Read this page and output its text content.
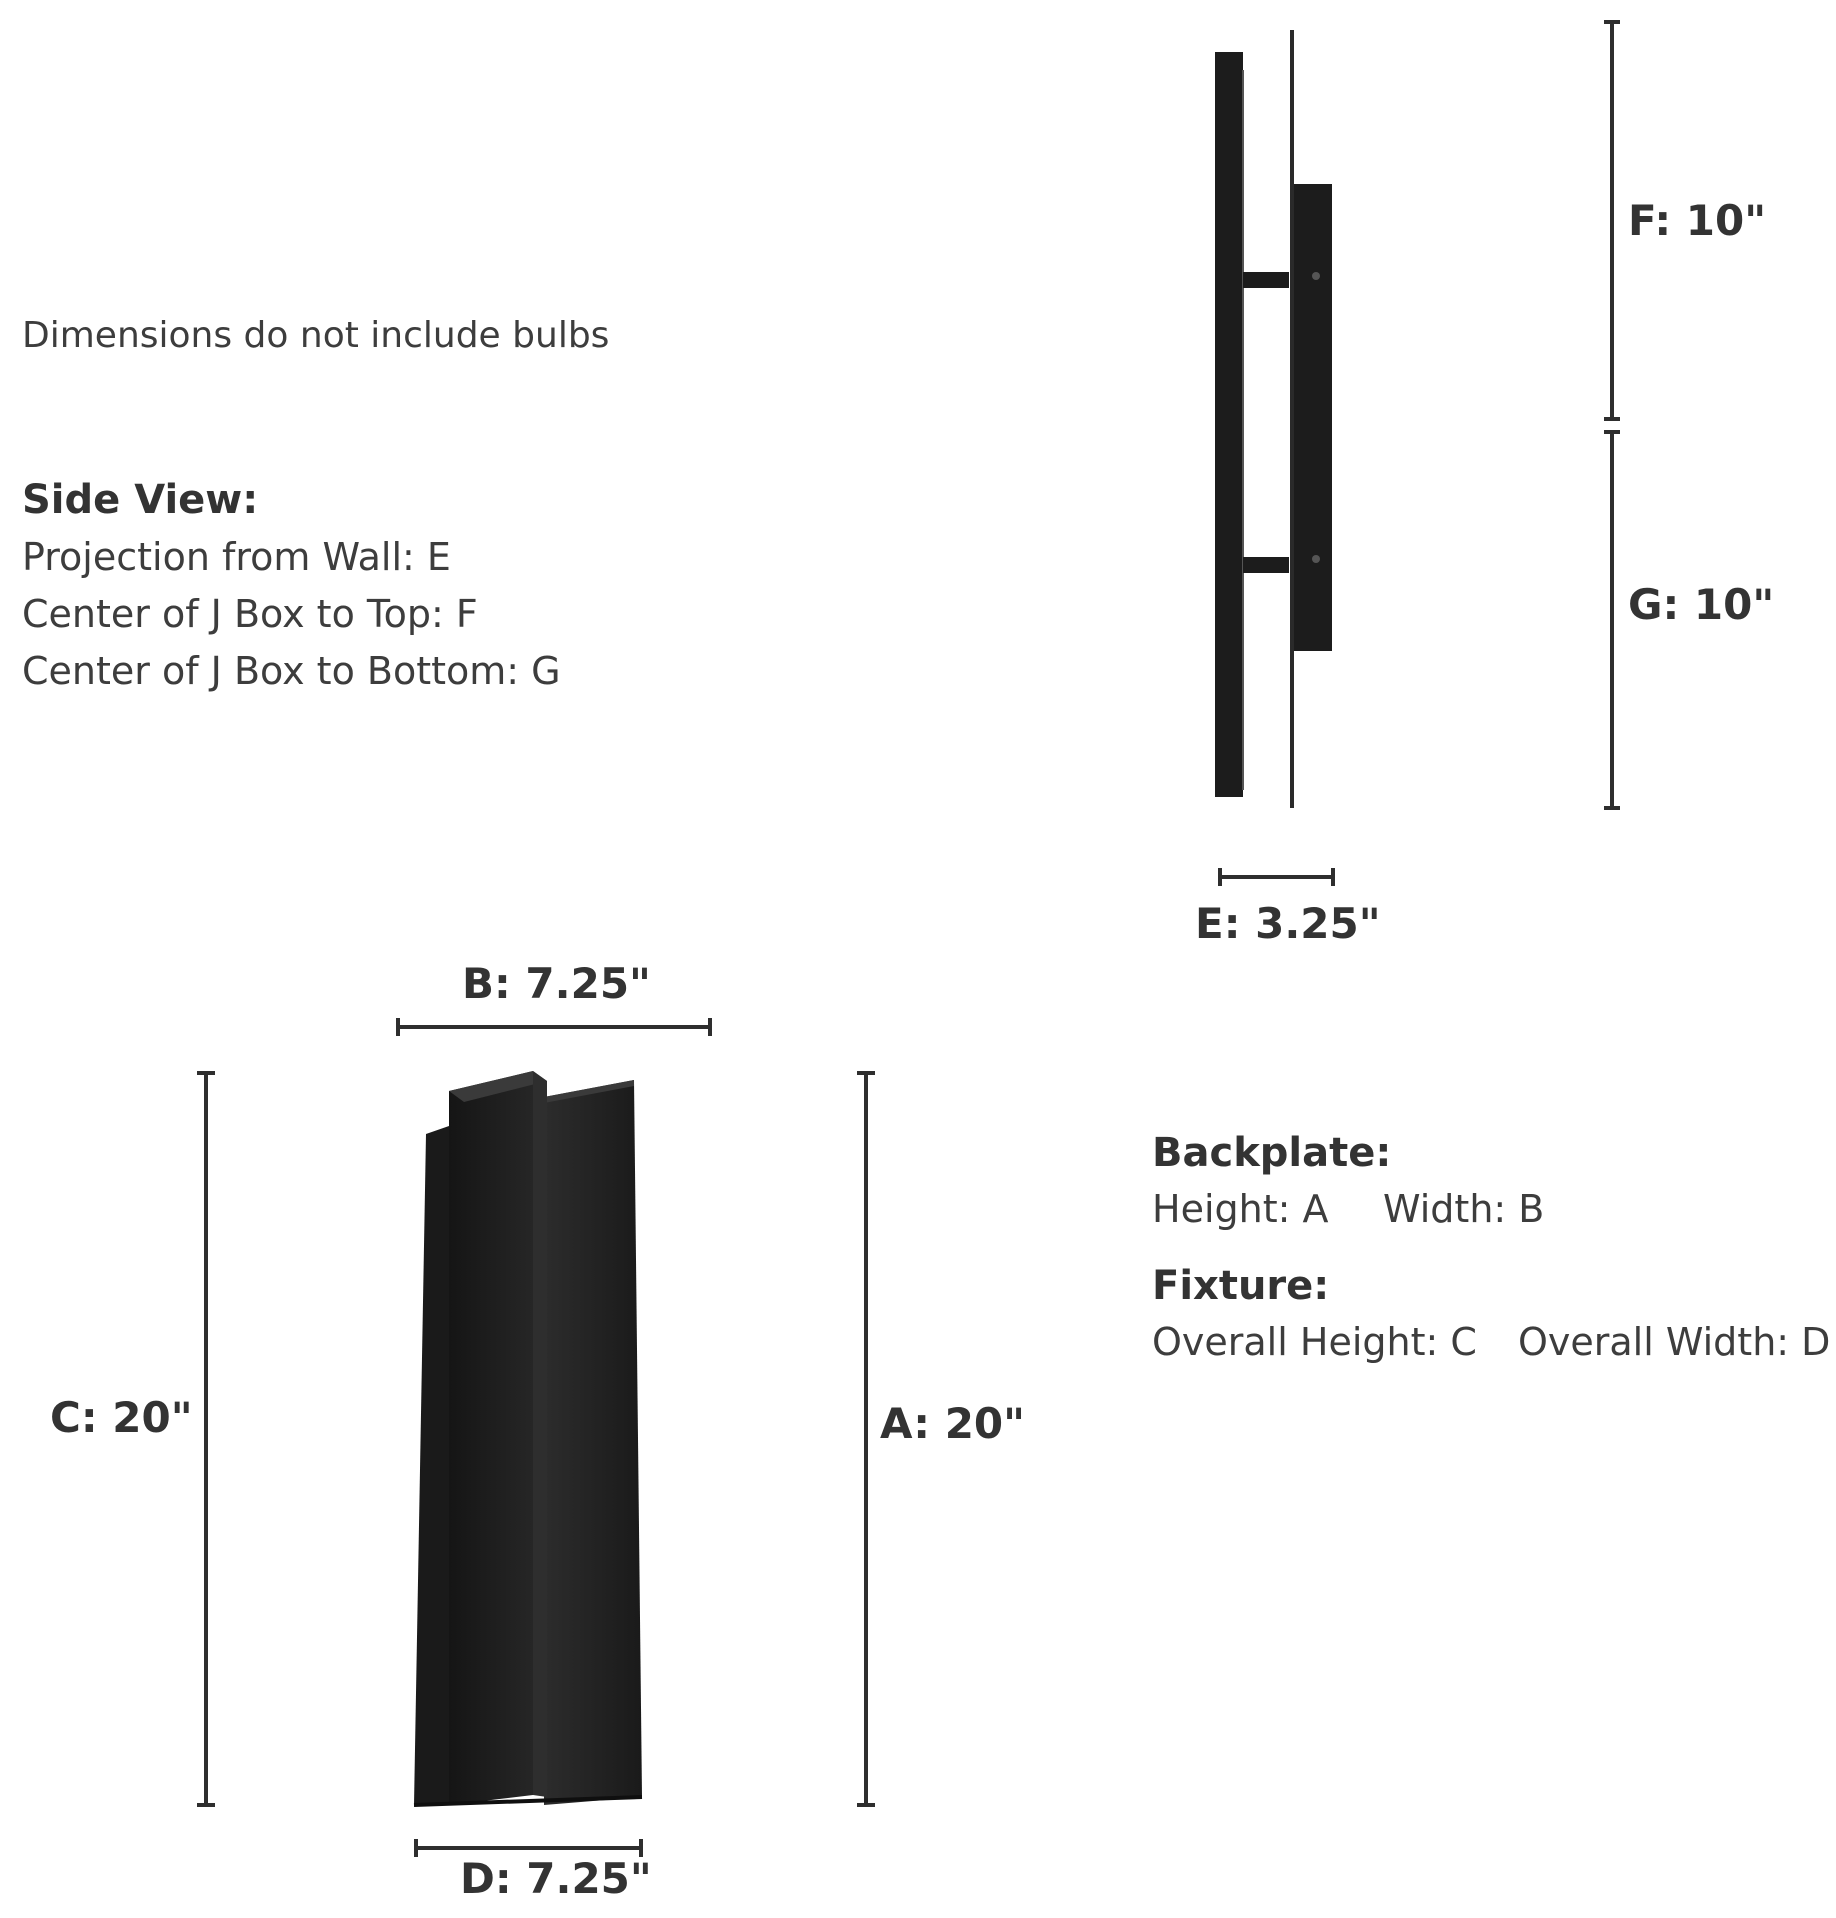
Dimensions do not include bulbs
Side View:
Projection from Wall: E
Center of J Box to Top: F
Center of J Box to Bottom: G
Backplate:
Height: A Width: B
Fixture:
Overall Height: C Overall Width: D
F: 10"
G: 10"
E: 3.25"
B: 7.25"
C: 20"	A: 20"
D: 7.25"
